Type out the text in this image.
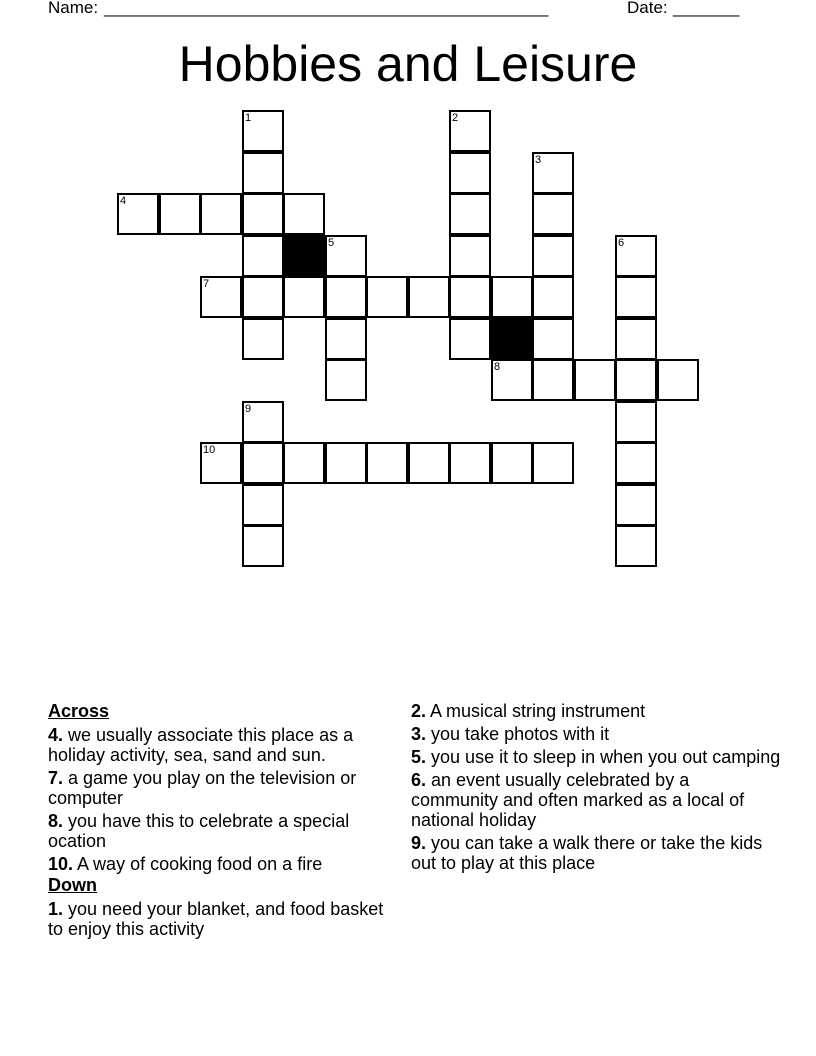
Name: _______________________________________________	Date: _______
Hobbies and Leisure
1	2
3
4
5	6
7
8
9
10
Across
4. we usually associate this place as a holiday activity, sea, sand and sun.
7. a game you play on the television or computer
8. you have this to celebrate a special ocation
10. A way of cooking food on a fire
Down
1. you need your blanket, and food basket to enjoy this activity
2. A musical string instrument
3. you take photos with it
5. you use it to sleep in when you out camping
6. an event usually celebrated by a community and often marked as a local of national holiday
9. you can take a walk there or take the kids out to play at this place
